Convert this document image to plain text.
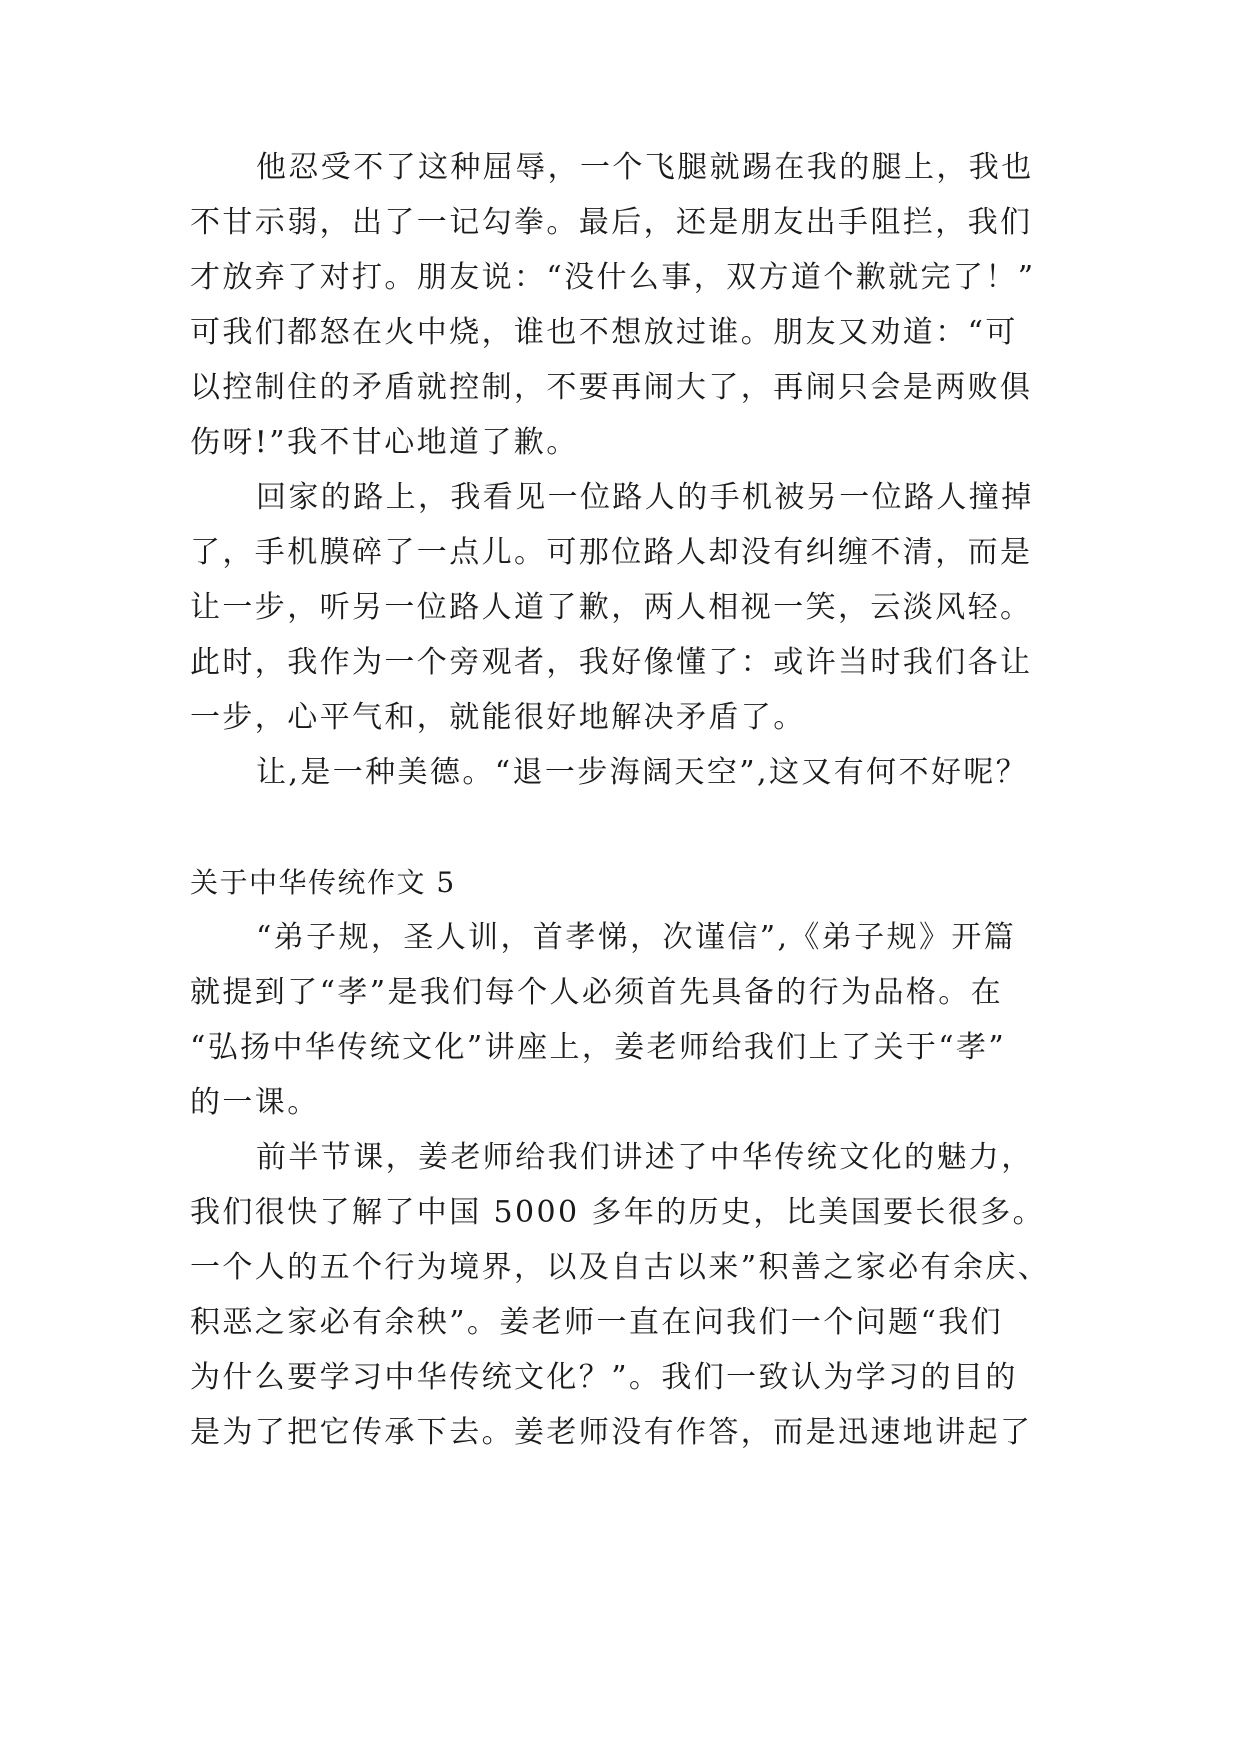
他忍受不了这种屈辱，一个飞腿就踢在我的腿上，我也
不甘示弱，出了一记勾拳。最后，还是朋友出手阻拦，我们
才放弃了对打。朋友说：“没什么事，双方道个歉就完了！”
可我们都怒在火中烧，谁也不想放过谁。朋友又劝道：“可
以控制住的矛盾就控制，不要再闹大了，再闹只会是两败俱
伤呀!”我不甘心地道了歉。
回家的路上，我看见一位路人的手机被另一位路人撞掉
了，手机膜碎了一点儿。可那位路人却没有纠缠不清，而是
让一步，听另一位路人道了歉，两人相视一笑，云淡风轻。
此时，我作为一个旁观者，我好像懂了：或许当时我们各让
一步，心平气和，就能很好地解决矛盾了。
让,是一种美德。“退一步海阔天空”,这又有何不好呢？
关于中华传统作文 5
“弟子规，圣人训，首孝悌，次谨信”,《弟子规》开篇
就提到了“孝”是我们每个人必须首先具备的行为品格。在
“弘扬中华传统文化”讲座上，姜老师给我们上了关于“孝”
的一课。
前半节课，姜老师给我们讲述了中华传统文化的魅力，
我们很快了解了中国 5000 多年的历史，比美国要长很多。
一个人的五个行为境界，以及自古以来”积善之家必有余庆、
积恶之家必有余秧”。姜老师一直在问我们一个问题“我们
为什么要学习中华传统文化？”。我们一致认为学习的目的
是为了把它传承下去。姜老师没有作答，而是迅速地讲起了
